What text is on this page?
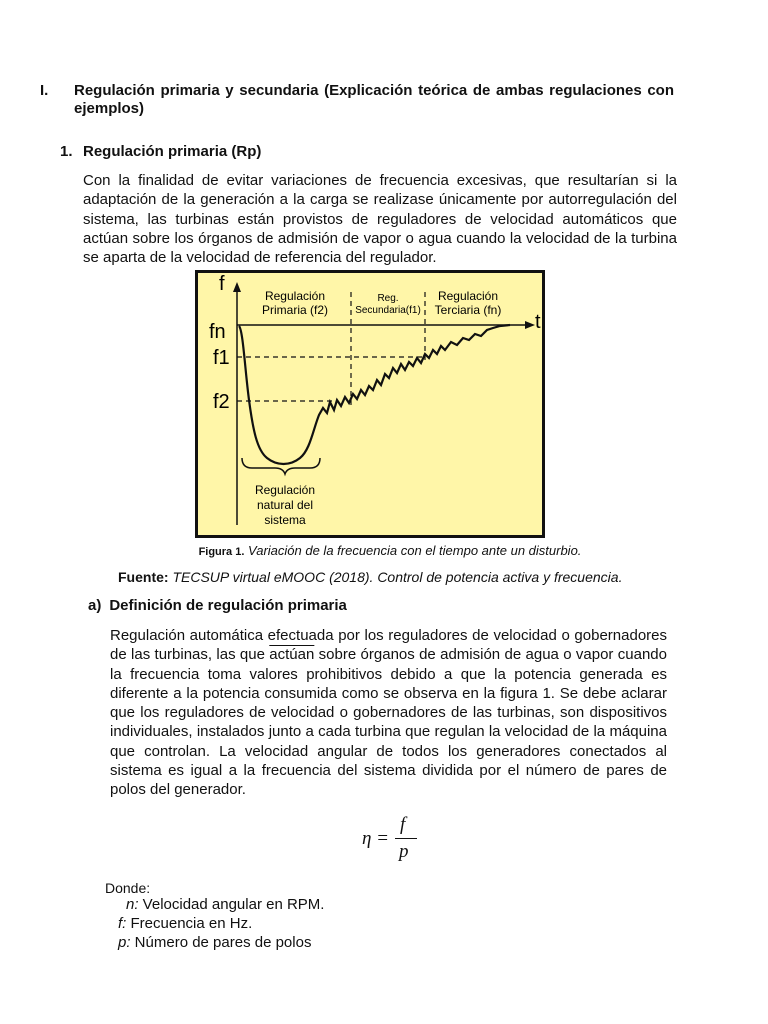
I. Regulación primaria y secundaria (Explicación teórica de ambas regulaciones con ejemplos)
1. Regulación primaria (Rp)
Con la finalidad de evitar variaciones de frecuencia excesivas, que resultarían si la adaptación de la generación a la carga se realizase únicamente por autorregulación del sistema, las turbinas están provistos de reguladores de velocidad automáticos que actúan sobre los órganos de admisión de vapor o agua cuando la velocidad de la turbina se aparta de la velocidad de referencia del regulador.
f
t
fn
f1
f2
Regulación
Primaria (f2)
Reg.
Secundaria(f1)
Regulación
Terciaria (fn)
Regulación
natural del
sistema
Figura 1. Variación de la frecuencia con el tiempo ante un disturbio.
Fuente: TECSUP virtual eMOOC (2018). Control de potencia activa y frecuencia.
a) Definición de regulación primaria
Regulación automática efectuada por los reguladores de velocidad o gobernadores de las turbinas, las que actúan sobre órganos de admisión de agua o vapor cuando la frecuencia toma valores prohibitivos debido a que la potencia generada es diferente a la potencia consumida como se observa en la figura 1. Se debe aclarar que los reguladores de velocidad o gobernadores de las turbinas, son dispositivos individuales, instalados junto a cada turbina que regulan la velocidad de la máquina que controlan. La velocidad angular de todos los generadores conectados al sistema es igual a la frecuencia del sistema dividida por el número de pares de polos del generador.
η =
f
p
Donde:
n: Velocidad angular en RPM.
f: Frecuencia en Hz.
p: Número de pares de polos
